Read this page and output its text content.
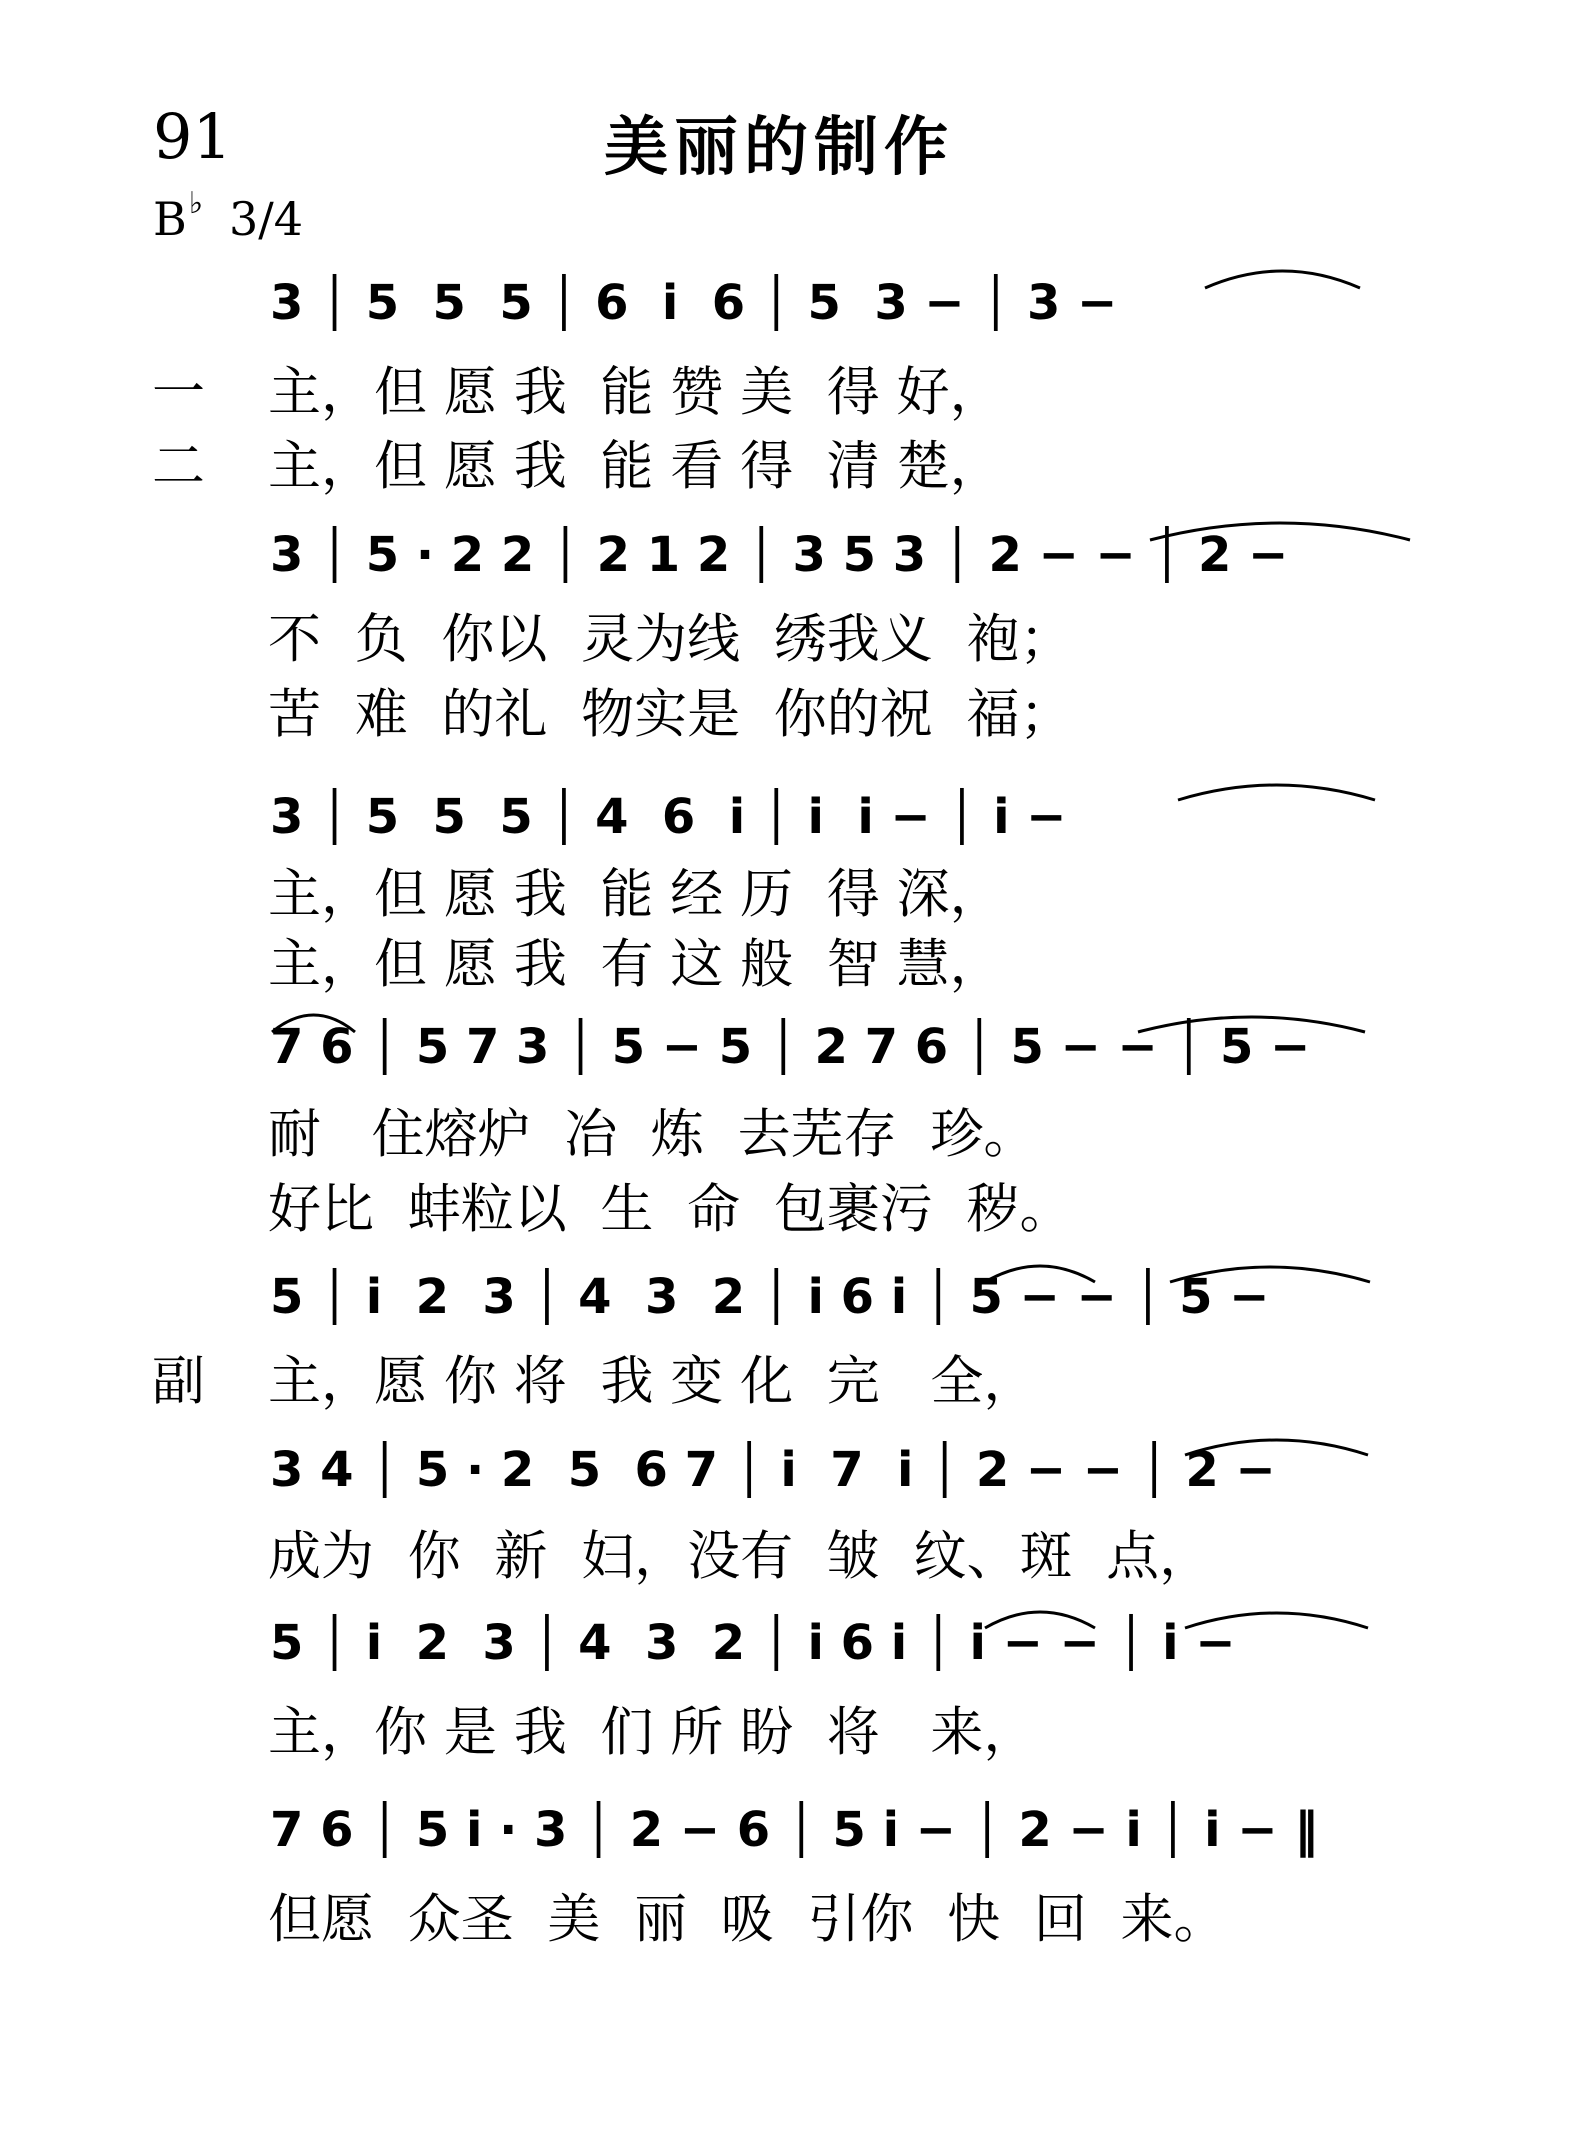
91	美丽的制作
B♭ 3/4
3 │ 5  5  5 │ 6  i  6 │ 5  3 − │ 3 −
一 主，但 愿 我  能 赞 美  得 好，
二 主，但 愿 我  能 看 得  清 楚，
3 │ 5 · 2 2 │ 2 1 2 │ 3 5 3 │ 2 − − │ 2 −
不  负  你以  灵为线  绣我义  袍；
苦  难  的礼  物实是  你的祝  福；
3 │ 5  5  5 │ 4  6  i │ i  i − │ i −
主，但 愿 我  能 经 历  得 深，
主，但 愿 我  有 这 般  智 慧，
7 6 │ 5 7 3 │ 5 − 5 │ 2 7 6 │ 5 − − │ 5 −
耐   住熔炉  冶  炼  去芜存  珍。
好比  蚌粒以  生  命  包裹污  秽。
5 │ i  2  3 │ 4  3  2 │ i 6 i │ 5 − − │ 5 −
副 主，愿 你 将  我 变 化  完   全，
3 4 │ 5 · 2  5  6 7 │ i  7  i │ 2 − − │ 2 −
成为  你  新  妇，没有  皱  纹、斑  点，
5 │ i  2  3 │ 4  3  2 │ i 6 i │ i − − │ i −
主，你 是 我  们 所 盼  将   来，
7 6 │ 5 i · 3 │ 2 − 6 │ 5 i − │ 2 − i │ i − ‖
但愿  众圣  美  丽  吸  引你  快  回  来。
